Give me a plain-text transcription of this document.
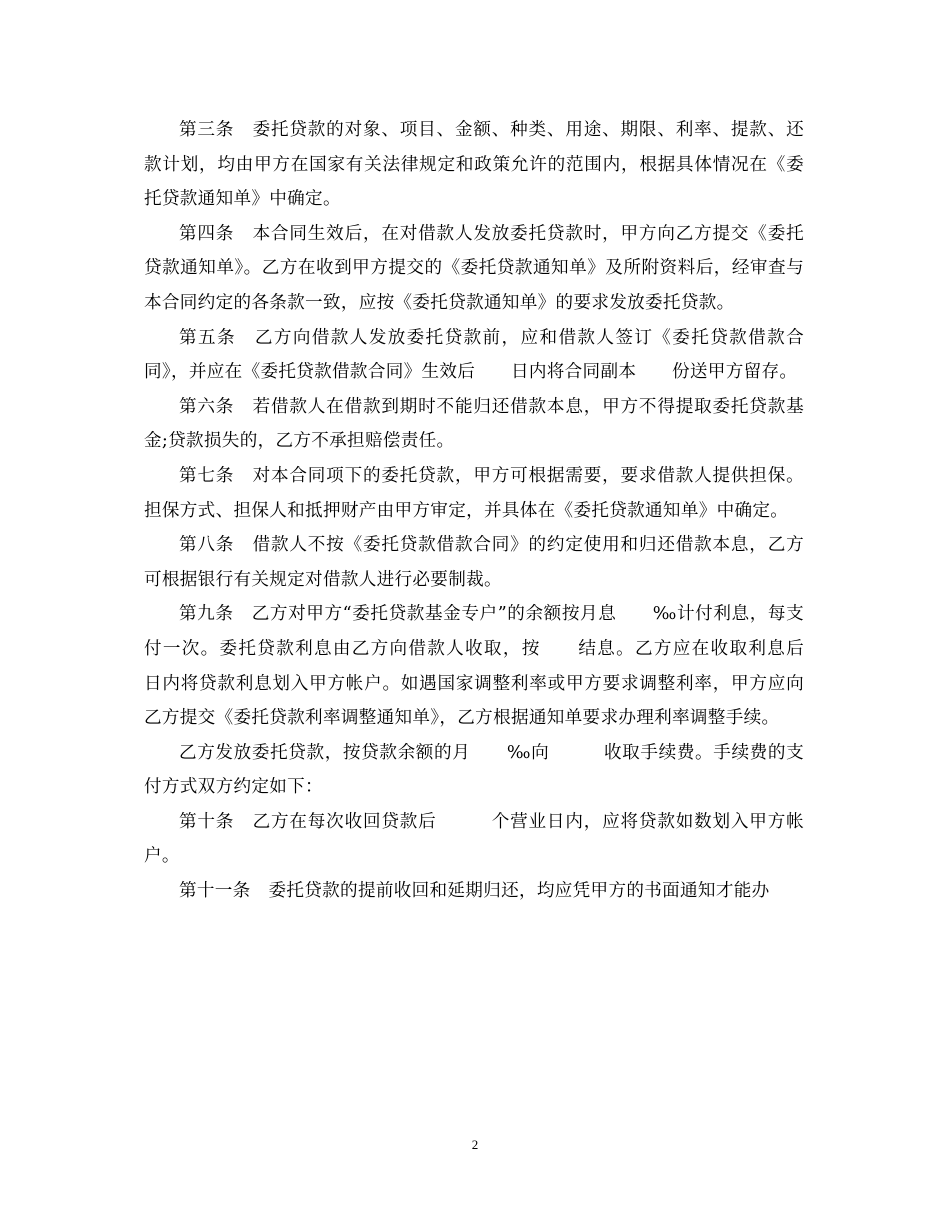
第三条　委托贷款的对象、项目、金额、种类、用途、期限、利率、提款、还款计划，均由甲方在国家有关法律规定和政策允许的范围内，根据具体情况在《委托贷款通知单》中确定。

第四条　本合同生效后，在对借款人发放委托贷款时，甲方向乙方提交《委托贷款通知单》。乙方在收到甲方提交的《委托贷款通知单》及所附资料后，经审查与本合同约定的各条款一致，应按《委托贷款通知单》的要求发放委托贷款。

第五条　乙方向借款人发放委托贷款前，应和借款人签订《委托贷款借款合同》，并应在《委托贷款借款合同》生效后　　日内将合同副本　　份送甲方留存。

第六条　若借款人在借款到期时不能归还借款本息，甲方不得提取委托贷款基金;贷款损失的，乙方不承担赔偿责任。

第七条　对本合同项下的委托贷款，甲方可根据需要，要求借款人提供担保。担保方式、担保人和抵押财产由甲方审定，并具体在《委托贷款通知单》中确定。

第八条　借款人不按《委托贷款借款合同》的约定使用和归还借款本息，乙方可根据银行有关规定对借款人进行必要制裁。

第九条　乙方对甲方“委托贷款基金专户”的余额按月息　　‰计付利息，每支付一次。委托贷款利息由乙方向借款人收取，按　　结息。乙方应在收取利息后　　日内将贷款利息划入甲方帐户。如遇国家调整利率或甲方要求调整利率，甲方应向乙方提交《委托贷款利率调整通知单》，乙方根据通知单要求办理利率调整手续。

乙方发放委托贷款，按贷款余额的月　　‰向　　　收取手续费。手续费的支付方式双方约定如下：

第十条　乙方在每次收回贷款后　　　个营业日内，应将贷款如数划入甲方帐户。

第十一条　委托贷款的提前收回和延期归还，均应凭甲方的书面通知才能办

2
